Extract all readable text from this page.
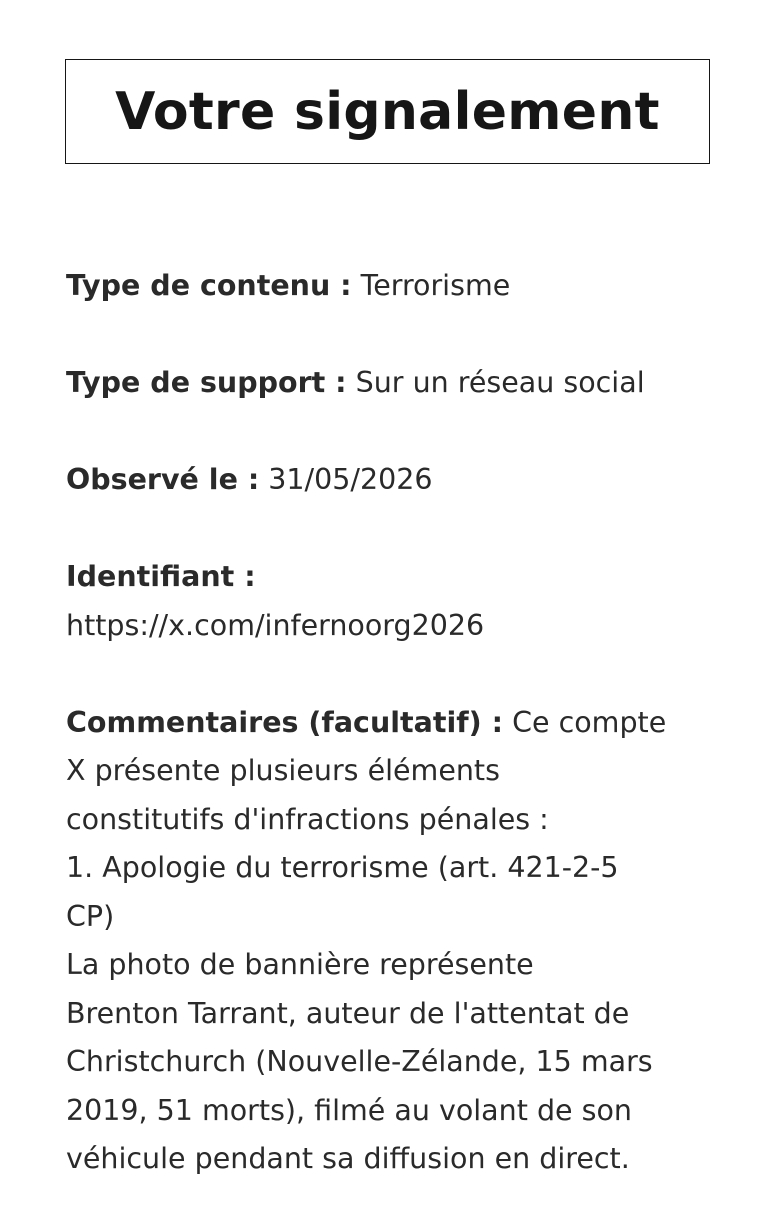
Votre signalement

Type de contenu : Terrorisme

Type de support : Sur un réseau social

Observé le : 31/05/2026

Identifiant :
https://x.com/infernoorg2026

Commentaires (facultatif) : Ce compte
X présente plusieurs éléments
constitutifs d'infractions pénales :
1. Apologie du terrorisme (art. 421-2-5
CP)
La photo de bannière représente
Brenton Tarrant, auteur de l'attentat de
Christchurch (Nouvelle-Zélande, 15 mars
2019, 51 morts), filmé au volant de son
véhicule pendant sa diffusion en direct.
